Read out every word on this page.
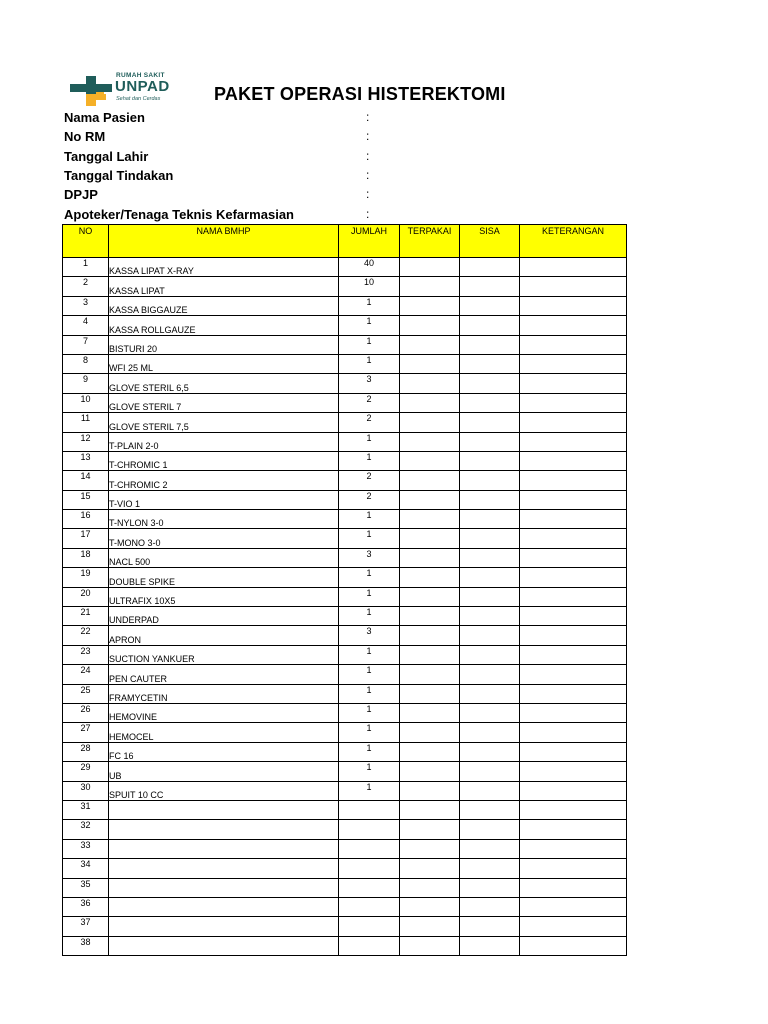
RUMAH SAKIT
UNPAD
Sehat dan Cerdas	PAKET OPERASI HISTEREKTOMI
Nama Pasien	:
No RM	:
Tanggal Lahir	:
Tanggal Tindakan	:
DPJP	:
Apoteker/Tenaga Teknis Kefarmasian	:
NO	NAMA BMHP	JUMLAH	TERPAKAI	SISA	KETERANGAN
1	KASSA LIPAT X-RAY	40			
2	KASSA LIPAT	10			
3	KASSA BIGGAUZE	1			
4	KASSA ROLLGAUZE	1			
7	BISTURI 20	1			
8	WFI 25 ML	1			
9	GLOVE STERIL 6,5	3			
10	GLOVE STERIL 7	2			
11	GLOVE STERIL 7,5	2			
12	T-PLAIN 2-0	1			
13	T-CHROMIC 1	1			
14	T-CHROMIC 2	2			
15	T-VIO 1	2			
16	T-NYLON 3-0	1			
17	T-MONO 3-0	1			
18	NACL 500	3			
19	DOUBLE SPIKE	1			
20	ULTRAFIX 10X5	1			
21	UNDERPAD	1			
22	APRON	3			
23	SUCTION YANKUER	1			
24	PEN CAUTER	1			
25	FRAMYCETIN	1			
26	HEMOVINE	1			
27	HEMOCEL	1			
28	FC 16	1			
29	UB	1			
30	SPUIT 10 CC	1			
31					
32					
33					
34					
35					
36					
37					
38					
